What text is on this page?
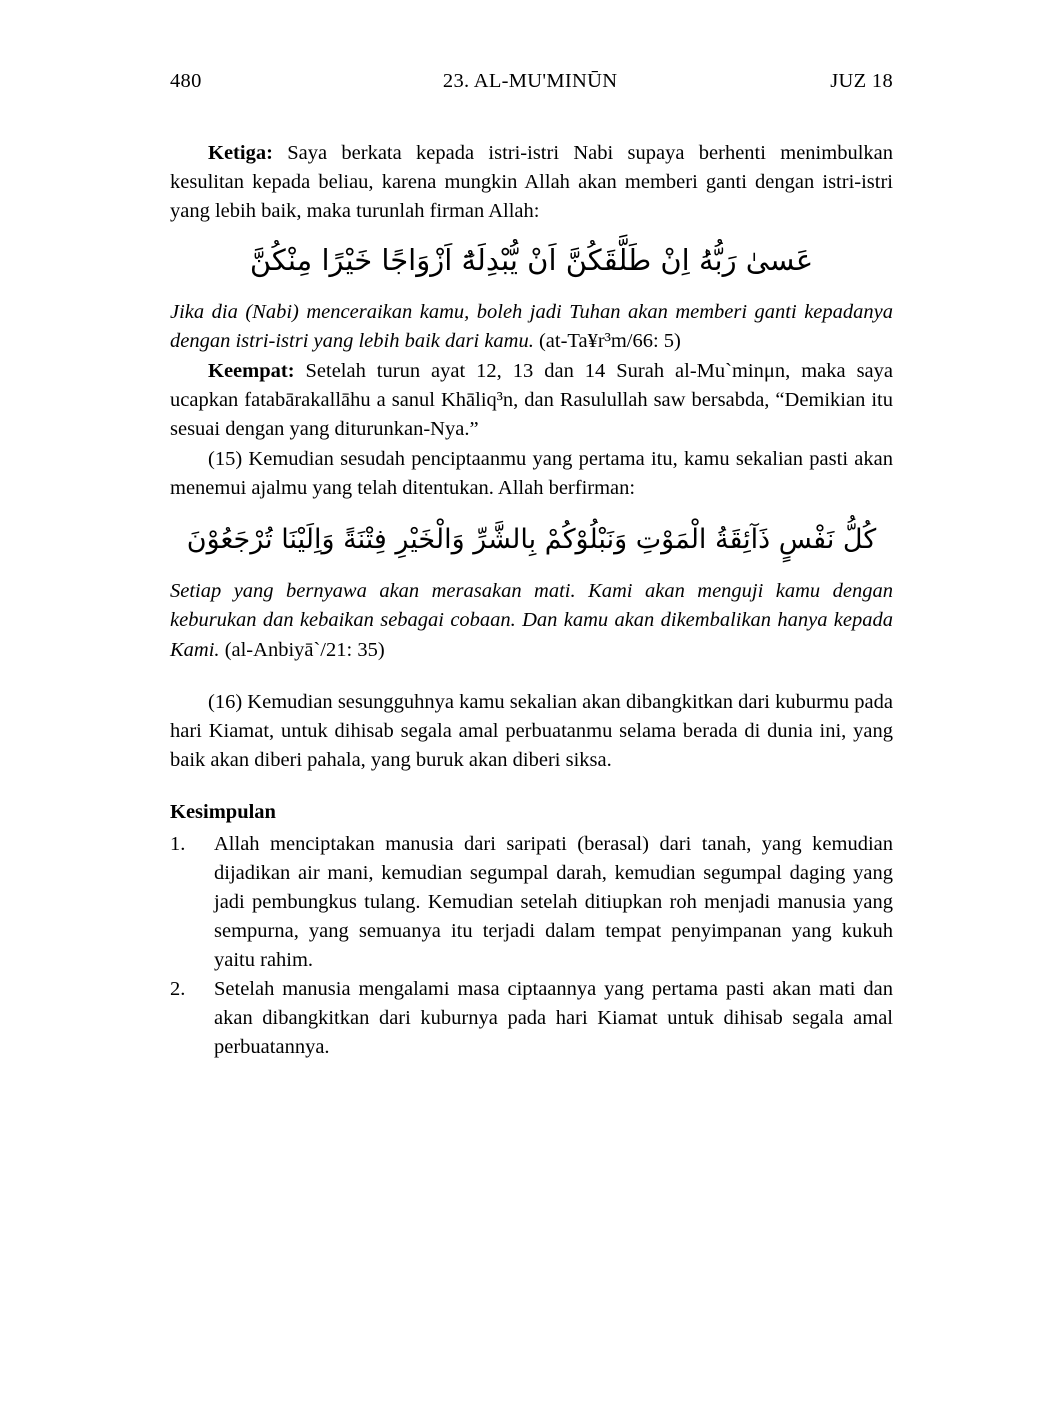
480	23. AL-MU'MINŪN	JUZ 18

Ketiga: Saya berkata kepada istri-istri Nabi supaya berhenti menimbulkan kesulitan kepada beliau, karena mungkin Allah akan memberi ganti dengan istri-istri yang lebih baik, maka turunlah firman Allah:

عَسىٰ رَبُّهُٰ اِنْ طَلَّقَكُنَّ اَنْ يُّبْدِلَهُٓ اَزْوَاجًا خَيْرًا مِنْكُنَّ

Jika dia (Nabi) menceraikan kamu, boleh jadi Tuhan akan memberi ganti kepadanya dengan istri-istri yang lebih baik dari kamu. (at-Ta¥r³m/66: 5)

Keempat: Setelah turun ayat 12, 13 dan 14 Surah al-Mu`minμn, maka saya ucapkan fatabārakallāhu a sanul Khāliq³n, dan Rasulullah saw bersabda, “Demikian itu sesuai dengan yang diturunkan-Nya.”

(15) Kemudian sesudah penciptaanmu yang pertama itu, kamu sekalian pasti akan menemui ajalmu yang telah ditentukan. Allah berfirman:

كُلُّ نَفْسٍ ذَآئِقَةُ الْمَوْتِ وَنَبْلُوْكُمْ بِالشَّرِّ وَالْخَيْرِ فِتْنَةً وَاِلَيْنَا تُرْجَعُوْنَ

Setiap yang bernyawa akan merasakan mati. Kami akan menguji kamu dengan keburukan dan kebaikan sebagai cobaan. Dan kamu akan dikembalikan hanya kepada Kami. (al-Anbiyā`/21: 35)

(16) Kemudian sesungguhnya kamu sekalian akan dibangkitkan dari kuburmu pada hari Kiamat, untuk dihisab segala amal perbuatanmu selama berada di dunia ini, yang baik akan diberi pahala, yang buruk akan diberi siksa.

Kesimpulan
1.	Allah menciptakan manusia dari saripati (berasal) dari tanah, yang kemudian dijadikan air mani, kemudian segumpal darah, kemudian segumpal daging yang jadi pembungkus tulang. Kemudian setelah ditiupkan roh menjadi manusia yang sempurna, yang semuanya itu terjadi dalam tempat penyimpanan yang kukuh yaitu rahim.
2.	Setelah manusia mengalami masa ciptaannya yang pertama pasti akan mati dan akan dibangkitkan dari kuburnya pada hari Kiamat untuk dihisab segala amal perbuatannya.
